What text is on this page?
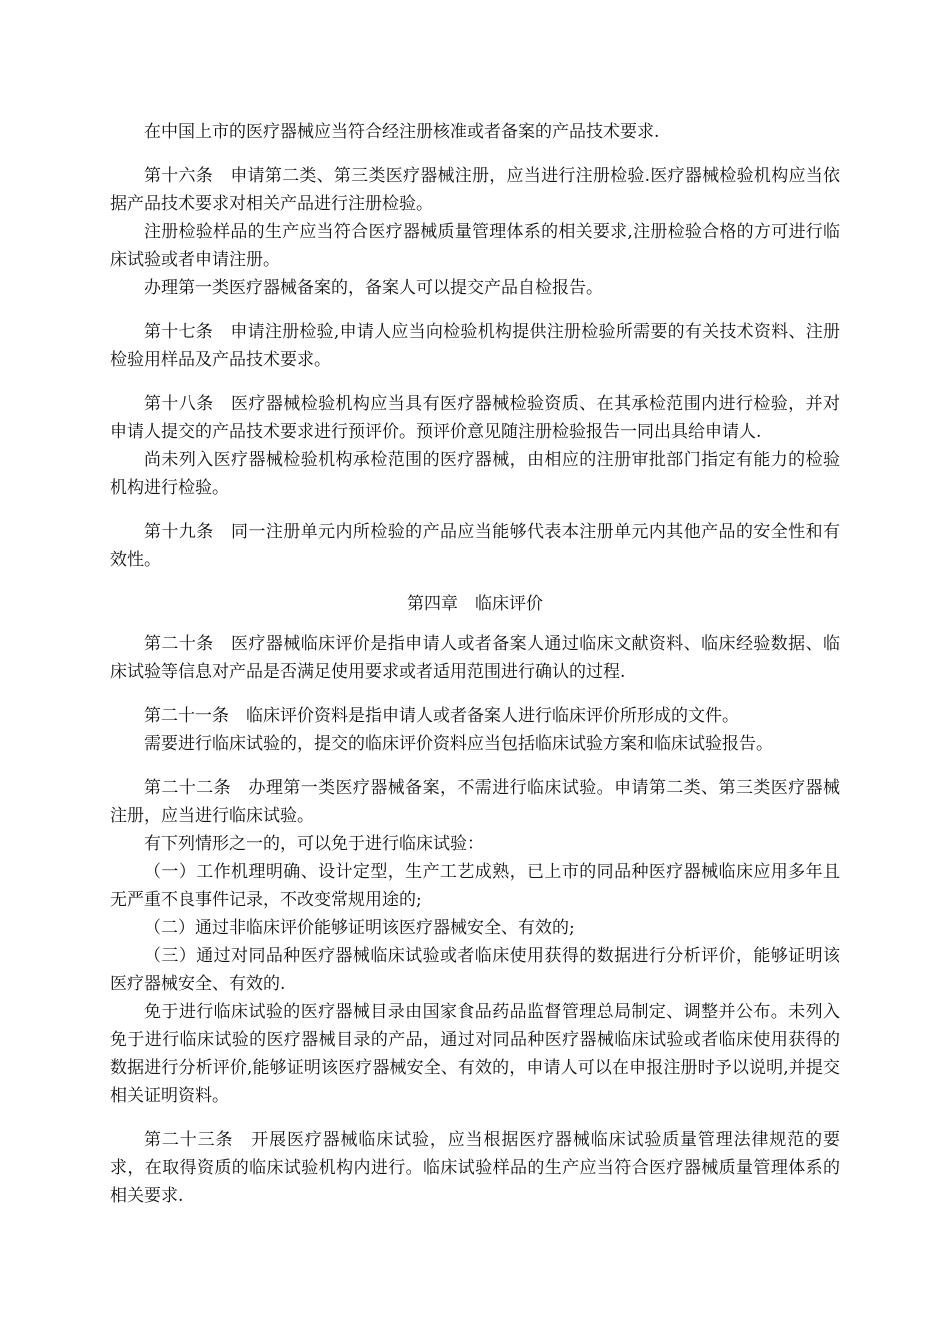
在中国上市的医疗器械应当符合经注册核准或者备案的产品技术要求.

第十六条　申请第二类、第三类医疗器械注册，应当进行注册检验.医疗器械检验机构应当依据产品技术要求对相关产品进行注册检验。

注册检验样品的生产应当符合医疗器械质量管理体系的相关要求,注册检验合格的方可进行临床试验或者申请注册。

办理第一类医疗器械备案的，备案人可以提交产品自检报告。

第十七条　申请注册检验,申请人应当向检验机构提供注册检验所需要的有关技术资料、注册检验用样品及产品技术要求。

第十八条　医疗器械检验机构应当具有医疗器械检验资质、在其承检范围内进行检验，并对申请人提交的产品技术要求进行预评价。预评价意见随注册检验报告一同出具给申请人.

尚未列入医疗器械检验机构承检范围的医疗器械，由相应的注册审批部门指定有能力的检验机构进行检验。

第十九条　同一注册单元内所检验的产品应当能够代表本注册单元内其他产品的安全性和有效性。

第四章　临床评价

第二十条　医疗器械临床评价是指申请人或者备案人通过临床文献资料、临床经验数据、临床试验等信息对产品是否满足使用要求或者适用范围进行确认的过程.

第二十一条　临床评价资料是指申请人或者备案人进行临床评价所形成的文件。

需要进行临床试验的，提交的临床评价资料应当包括临床试验方案和临床试验报告。

第二十二条　办理第一类医疗器械备案，不需进行临床试验。申请第二类、第三类医疗器械注册，应当进行临床试验。

有下列情形之一的，可以免于进行临床试验：

（一）工作机理明确、设计定型，生产工艺成熟，已上市的同品种医疗器械临床应用多年且无严重不良事件记录，不改变常规用途的;

（二）通过非临床评价能够证明该医疗器械安全、有效的;

（三）通过对同品种医疗器械临床试验或者临床使用获得的数据进行分析评价，能够证明该医疗器械安全、有效的.

免于进行临床试验的医疗器械目录由国家食品药品监督管理总局制定、调整并公布。未列入免于进行临床试验的医疗器械目录的产品，通过对同品种医疗器械临床试验或者临床使用获得的数据进行分析评价,能够证明该医疗器械安全、有效的，申请人可以在申报注册时予以说明,并提交相关证明资料。

第二十三条　开展医疗器械临床试验，应当根据医疗器械临床试验质量管理法律规范的要求，在取得资质的临床试验机构内进行。临床试验样品的生产应当符合医疗器械质量管理体系的相关要求.
